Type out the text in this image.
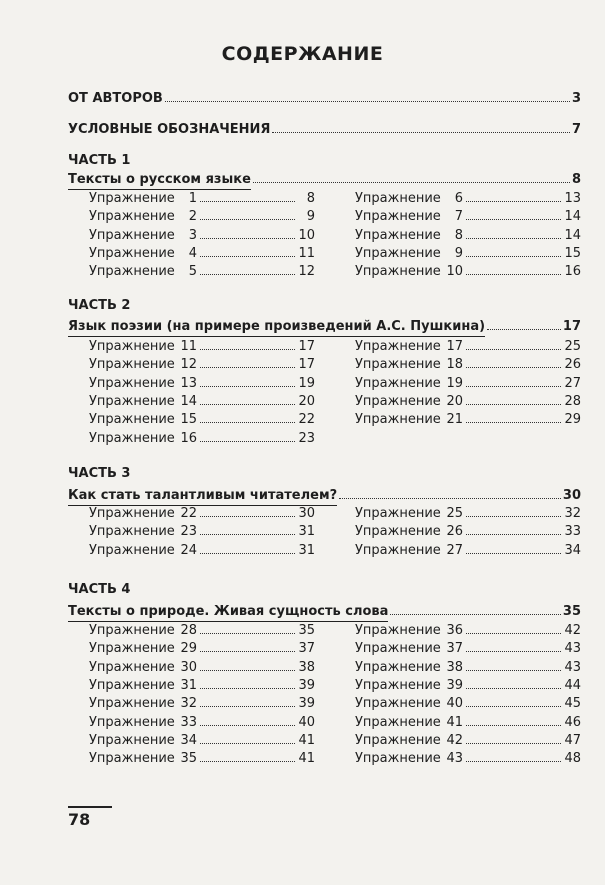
СОДЕРЖАНИЕ
ОТ АВТОРОВ	3
УСЛОВНЫЕ ОБОЗНАЧЕНИЯ	7
ЧАСТЬ 1
Тексты о русском языке	8
Упражнение	1	8
Упражнение	2	9
Упражнение	3	10
Упражнение	4	11
Упражнение	5	12
Упражнение	6	13
Упражнение	7	14
Упражнение	8	14
Упражнение	9	15
Упражнение 10	16
ЧАСТЬ 2
Язык поэзии (на примере произведений А.С. Пушкина)	17
Упражнение 11	17
Упражнение 12	17
Упражнение 13	19
Упражнение 14	20
Упражнение 15	22
Упражнение 16	23
Упражнение 17	25
Упражнение 18	26
Упражнение 19	27
Упражнение 20	28
Упражнение 21	29
ЧАСТЬ 3
Как стать талантливым читателем?	30
Упражнение 22	30
Упражнение 23	31
Упражнение 24	31
Упражнение 25	32
Упражнение 26	33
Упражнение 27	34
ЧАСТЬ 4
Тексты о природе. Живая сущность слова	35
Упражнение 28	35
Упражнение 29	37
Упражнение 30	38
Упражнение 31	39
Упражнение 32	39
Упражнение 33	40
Упражнение 34	41
Упражнение 35	41
Упражнение 36	42
Упражнение 37	43
Упражнение 38	43
Упражнение 39	44
Упражнение 40	45
Упражнение 41	46
Упражнение 42	47
Упражнение 43	48
78
